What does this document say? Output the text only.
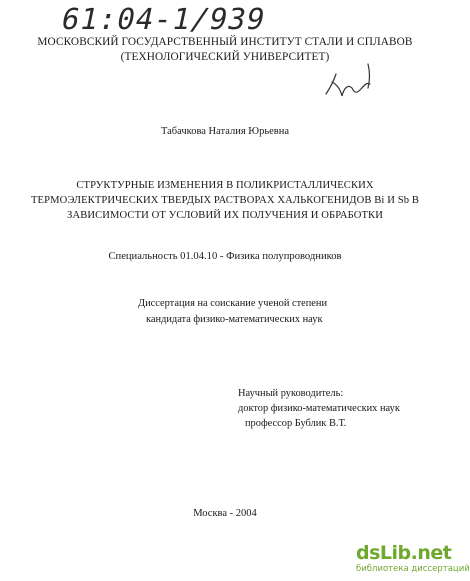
61:04-1/939
МОСКОВСКИЙ ГОСУДАРСТВЕННЫЙ ИНСТИТУТ СТАЛИ И СПЛАВОВ
(ТЕХНОЛОГИЧЕСКИЙ УНИВЕРСИТЕТ)
Табачкова Наталия Юрьевна
СТРУКТУРНЫЕ ИЗМЕНЕНИЯ В ПОЛИКРИСТАЛЛИЧЕСКИХ
ТЕРМОЭЛЕКТРИЧЕСКИХ ТВЕРДЫХ РАСТВОРАХ ХАЛЬКОГЕНИДОВ Bi И Sb В
ЗАВИСИМОСТИ ОТ УСЛОВИЙ ИХ ПОЛУЧЕНИЯ И ОБРАБОТКИ
Специальность 01.04.10 - Физика полупроводников
Диссертация на соискание ученой степени
кандидата физико-математических наук
Научный руководитель:
доктор физико-математических наук
профессор Бублик В.Т.
Москва - 2004
dsLib.net
библиотека диссертаций
